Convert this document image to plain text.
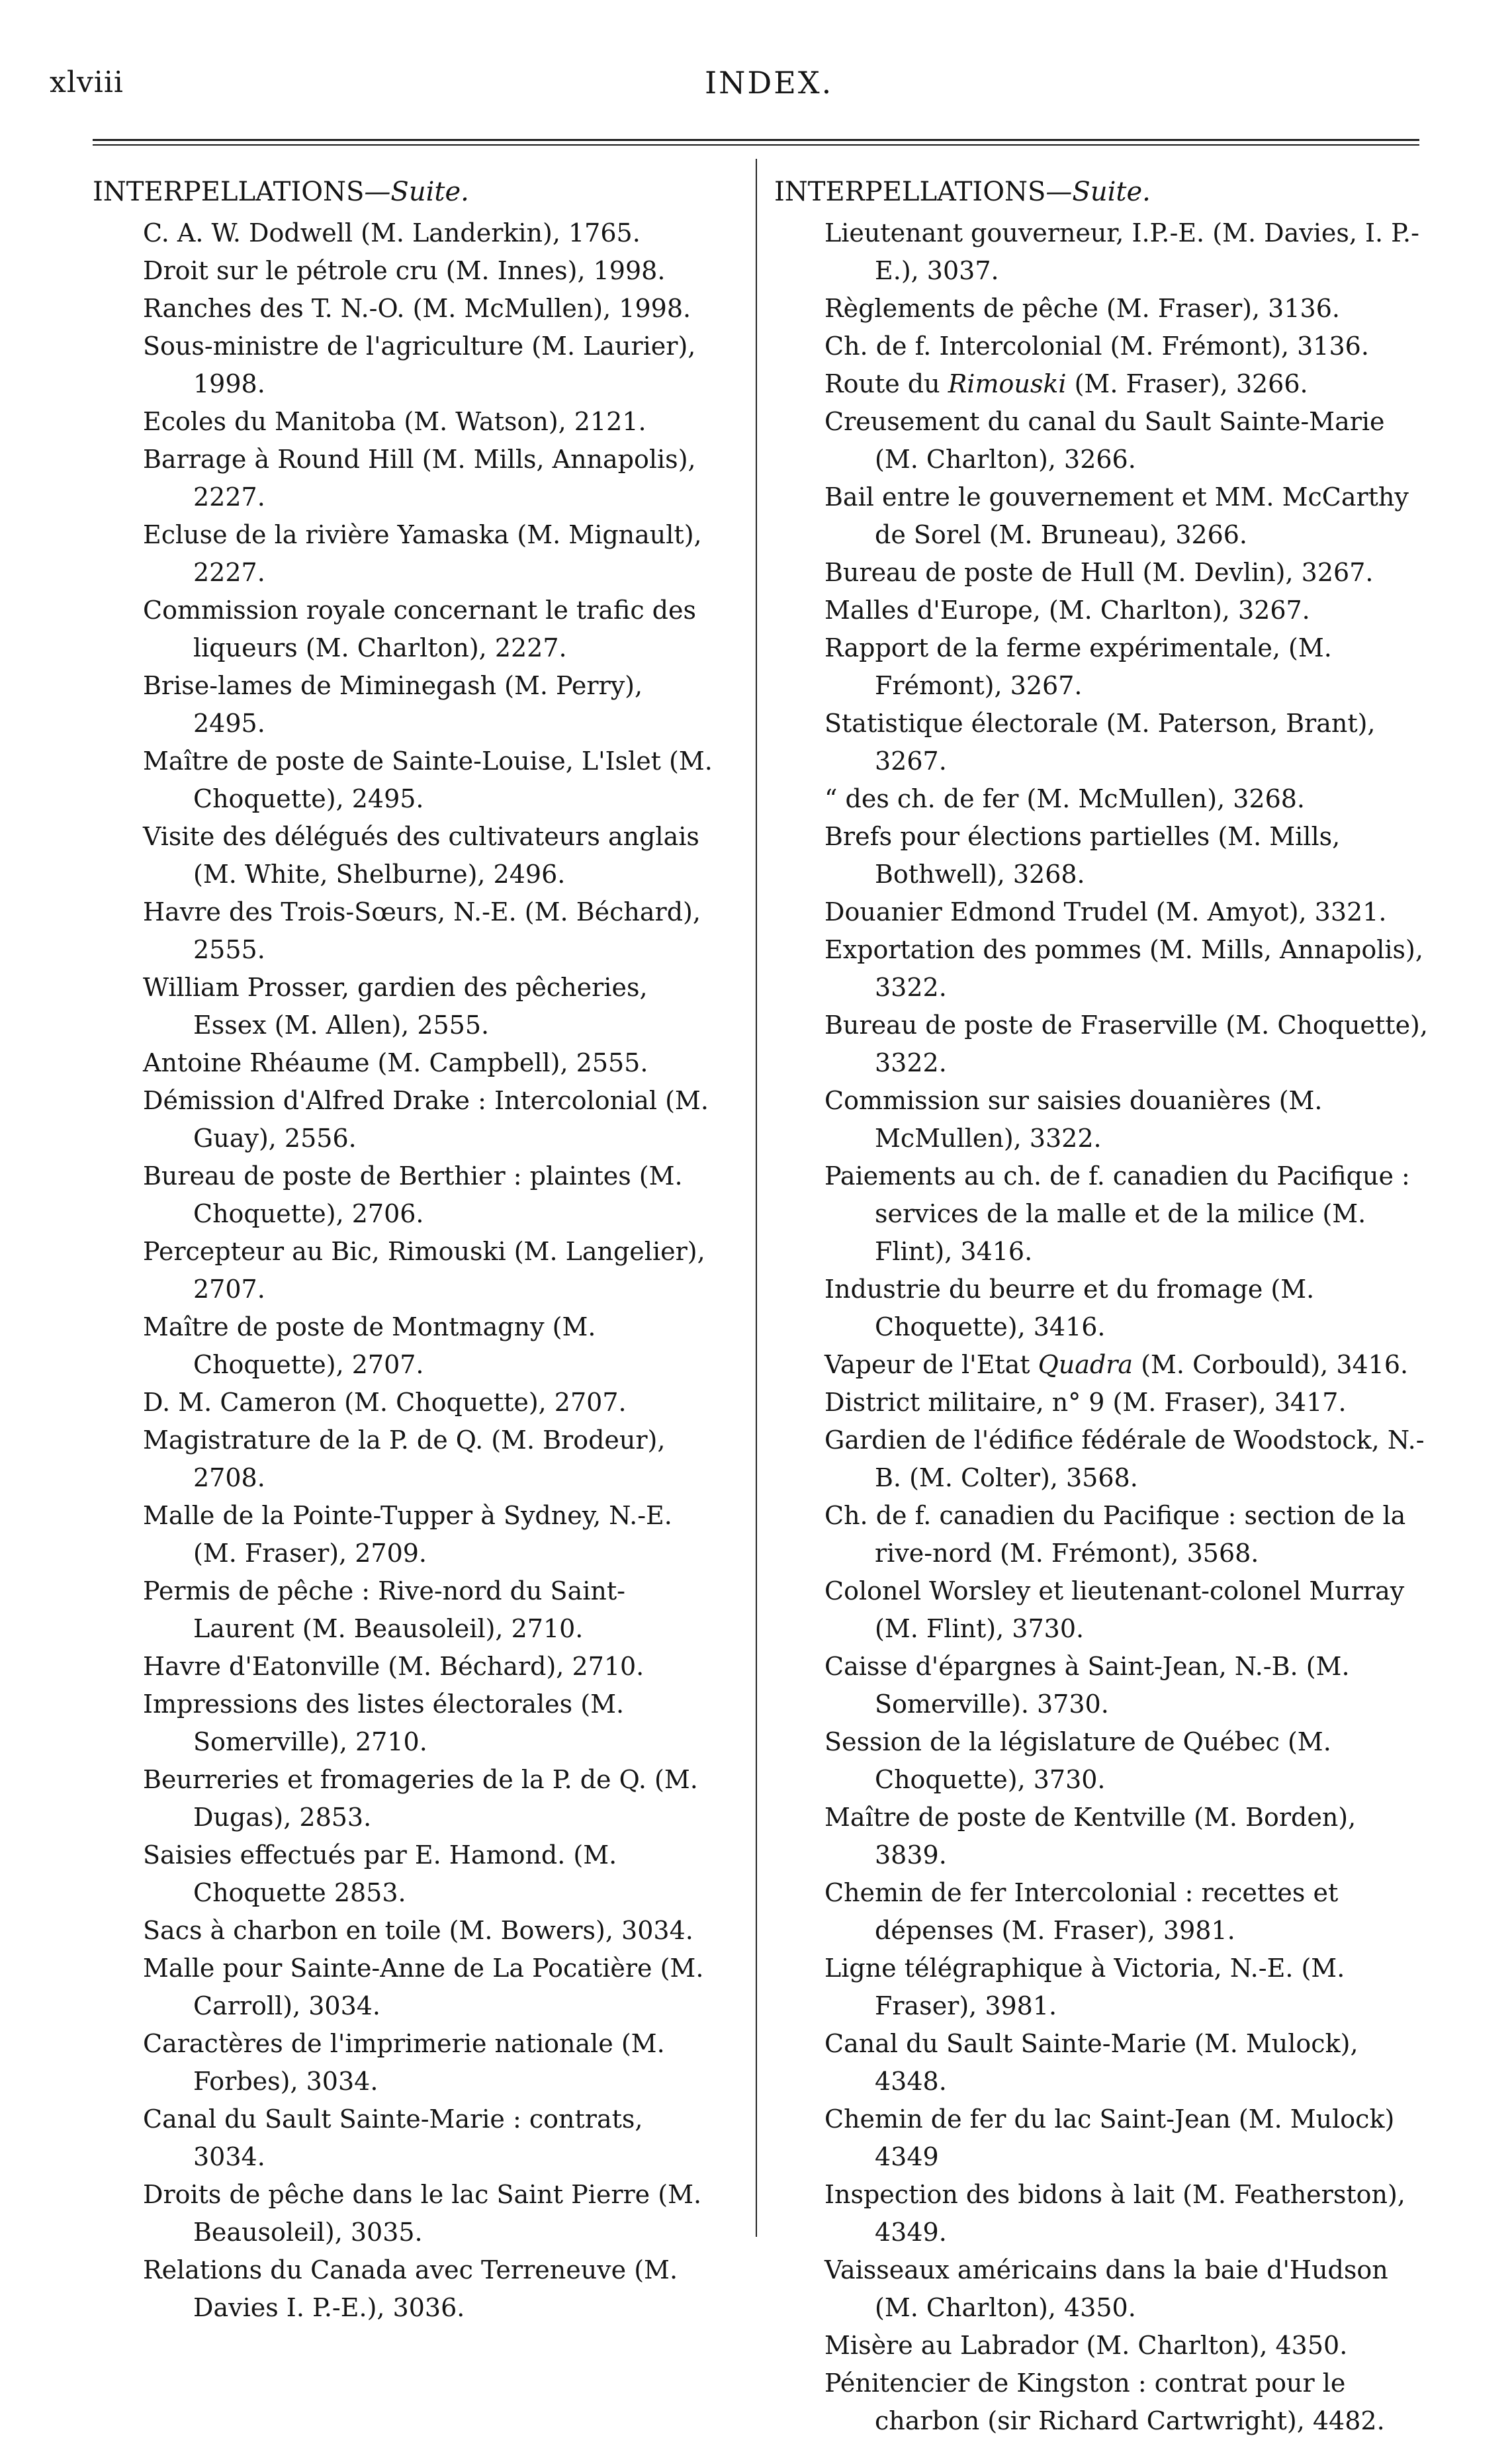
xlviii	INDEX.
INTERPELLATIONS—Suite.
C. A. W. Dodwell (M. Landerkin), 1765.
Droit sur le pétrole cru (M. Innes), 1998.
Ranches des T. N.-O. (M. McMullen), 1998.
Sous-ministre de l'agriculture (M. Laurier), 1998.
Ecoles du Manitoba (M. Watson), 2121.
Barrage à Round Hill (M. Mills, Annapolis), 2227.
Ecluse de la rivière Yamaska (M. Mignault), 2227.
Commission royale concernant le trafic des liqueurs (M. Charlton), 2227.
Brise-lames de Miminegash (M. Perry), 2495.
Maître de poste de Sainte-Louise, L'Islet (M. Choquette), 2495.
Visite des délégués des cultivateurs anglais (M. White, Shelburne), 2496.
Havre des Trois-Sœurs, N.-E. (M. Béchard), 2555.
William Prosser, gardien des pêcheries, Essex (M. Allen), 2555.
Antoine Rhéaume (M. Campbell), 2555.
Démission d'Alfred Drake : Intercolonial (M. Guay), 2556.
Bureau de poste de Berthier : plaintes (M. Choquette), 2706.
Percepteur au Bic, Rimouski (M. Langelier), 2707.
Maître de poste de Montmagny (M. Choquette), 2707.
D. M. Cameron (M. Choquette), 2707.
Magistrature de la P. de Q. (M. Brodeur), 2708.
Malle de la Pointe-Tupper à Sydney, N.-E. (M. Fraser), 2709.
Permis de pêche : Rive-nord du Saint-Laurent (M. Beausoleil), 2710.
Havre d'Eatonville (M. Béchard), 2710.
Impressions des listes électorales (M. Somerville), 2710.
Beurreries et fromageries de la P. de Q. (M. Dugas), 2853.
Saisies effectués par E. Hamond. (M. Choquette 2853.
Sacs à charbon en toile (M. Bowers), 3034.
Malle pour Sainte-Anne de La Pocatière (M. Carroll), 3034.
Caractères de l'imprimerie nationale (M. Forbes), 3034.
Canal du Sault Sainte-Marie : contrats, 3034.
Droits de pêche dans le lac Saint Pierre (M. Beausoleil), 3035.
Relations du Canada avec Terreneuve (M. Davies I. P.-E.), 3036.
INTERPELLATIONS—Suite.
Lieutenant gouverneur, I.P.-E. (M. Davies, I. P.-E.), 3037.
Règlements de pêche (M. Fraser), 3136.
Ch. de f. Intercolonial (M. Frémont), 3136.
Route du Rimouski (M. Fraser), 3266.
Creusement du canal du Sault Sainte-Marie (M. Charlton), 3266.
Bail entre le gouvernement et MM. McCarthy de Sorel (M. Bruneau), 3266.
Bureau de poste de Hull (M. Devlin), 3267.
Malles d'Europe, (M. Charlton), 3267.
Rapport de la ferme expérimentale, (M. Frémont), 3267.
Statistique électorale (M. Paterson, Brant), 3267.
“ des ch. de fer (M. McMullen), 3268.
Brefs pour élections partielles (M. Mills, Bothwell), 3268.
Douanier Edmond Trudel (M. Amyot), 3321.
Exportation des pommes (M. Mills, Annapolis), 3322.
Bureau de poste de Fraserville (M. Choquette), 3322.
Commission sur saisies douanières (M. McMullen), 3322.
Paiements au ch. de f. canadien du Pacifique : services de la malle et de la milice (M. Flint), 3416.
Industrie du beurre et du fromage (M. Choquette), 3416.
Vapeur de l'Etat Quadra (M. Corbould), 3416.
District militaire, n° 9 (M. Fraser), 3417.
Gardien de l'édifice fédérale de Woodstock, N.-B. (M. Colter), 3568.
Ch. de f. canadien du Pacifique : section de la rive-nord (M. Frémont), 3568.
Colonel Worsley et lieutenant-colonel Murray (M. Flint), 3730.
Caisse d'épargnes à Saint-Jean, N.-B. (M. Somerville). 3730.
Session de la législature de Québec (M. Choquette), 3730.
Maître de poste de Kentville (M. Borden), 3839.
Chemin de fer Intercolonial : recettes et dépenses (M. Fraser), 3981.
Ligne télégraphique à Victoria, N.-E. (M. Fraser), 3981.
Canal du Sault Sainte-Marie (M. Mulock), 4348.
Chemin de fer du lac Saint-Jean (M. Mulock) 4349
Inspection des bidons à lait (M. Featherston), 4349.
Vaisseaux américains dans la baie d'Hudson (M. Charlton), 4350.
Misère au Labrador (M. Charlton), 4350.
Pénitencier de Kingston : contrat pour le charbon (sir Richard Cartwright), 4482.
